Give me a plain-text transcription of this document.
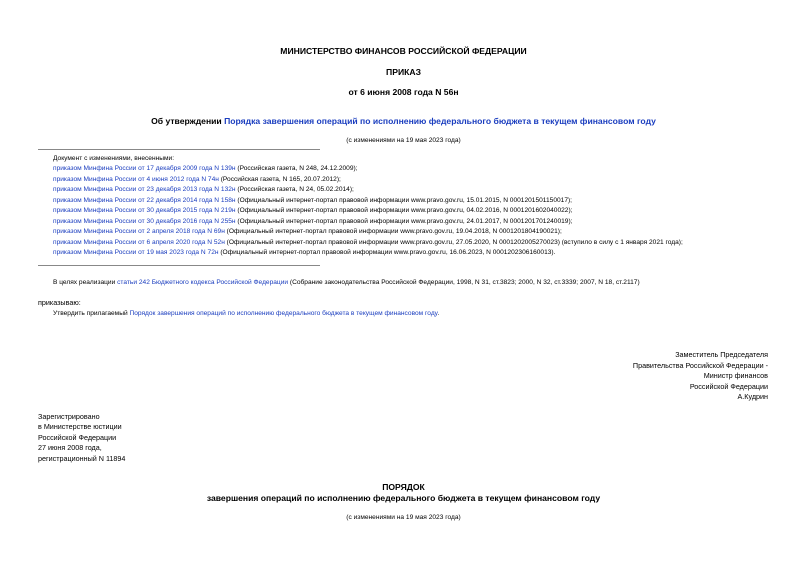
МИНИСТЕРСТВО ФИНАНСОВ РОССИЙСКОЙ ФЕДЕРАЦИИ
ПРИКАЗ
от 6 июня 2008 года N 56н
Об утверждении Порядка завершения операций по исполнению федерального бюджета в текущем финансовом году
(с изменениями на 19 мая 2023 года)
Документ с изменениями, внесенными:
приказом Минфина России от 17 декабря 2009 года N 139н (Российская газета, N 248, 24.12.2009);
приказом Минфина России от 4 июня 2012 года N 74н (Российская газета, N 165, 20.07.2012);
приказом Минфина России от 23 декабря 2013 года N 132н (Российская газета, N 24, 05.02.2014);
приказом Минфина России от 22 декабря 2014 года N 158н (Официальный интернет-портал правовой информации www.pravo.gov.ru, 15.01.2015, N 0001201501150017);
приказом Минфина России от 30 декабря 2015 года N 219н (Официальный интернет-портал правовой информации www.pravo.gov.ru, 04.02.2016, N 0001201602040022);
приказом Минфина России от 30 декабря 2016 года N 255н (Официальный интернет-портал правовой информации www.pravo.gov.ru, 24.01.2017, N 0001201701240019);
приказом Минфина России от 2 апреля 2018 года N 69н (Официальный интернет-портал правовой информации www.pravo.gov.ru, 19.04.2018, N 0001201804190021);
приказом Минфина России от 6 апреля 2020 года N 52н (Официальный интернет-портал правовой информации www.pravo.gov.ru, 27.05.2020, N 0001202005270023) (вступило в силу с 1 января 2021 года);
приказом Минфина России от 19 мая 2023 года N 72н (Официальный интернет-портал правовой информации www.pravo.gov.ru, 16.06.2023, N 0001202306160013).
В целях реализации статьи 242 Бюджетного кодекса Российской Федерации (Собрание законодательства Российской Федерации, 1998, N 31, ст.3823; 2000, N 32, ст.3339; 2007, N 18, ст.2117)
приказываю:
Утвердить прилагаемый Порядок завершения операций по исполнению федерального бюджета в текущем финансовом году.
Заместитель Председателя
Правительства Российской Федерации -
Министр финансов
Российской Федерации
А.Кудрин
Зарегистрировано
в Министерстве юстиции
Российской Федерации
27 июня 2008 года,
регистрационный N 11894
ПОРЯДОК
завершения операций по исполнению федерального бюджета в текущем финансовом году
(с изменениями на 19 мая 2023 года)
